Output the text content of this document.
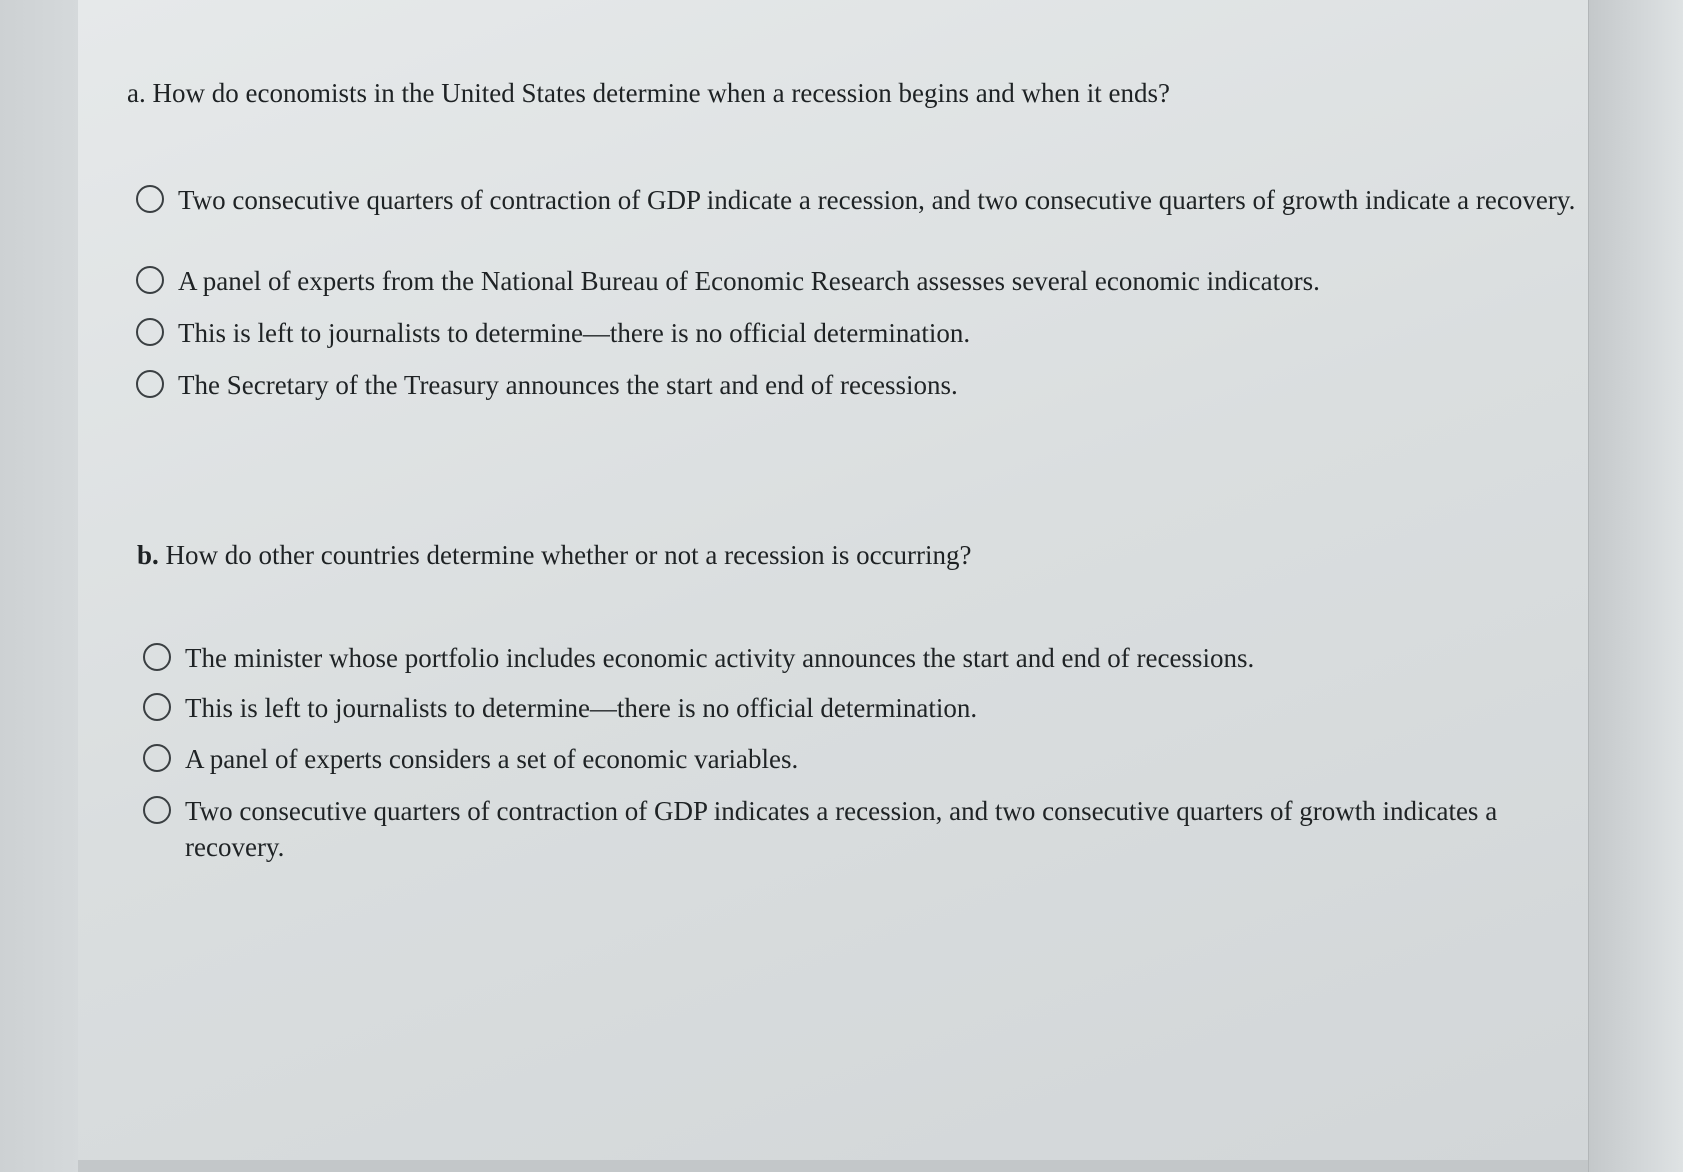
a. How do economists in the United States determine when a recession begins and when it ends?
Two consecutive quarters of contraction of GDP indicate a recession, and two consecutive quarters of growth indicate a recovery.
A panel of experts from the National Bureau of Economic Research assesses several economic indicators.
This is left to journalists to determine—there is no official determination.
The Secretary of the Treasury announces the start and end of recessions.
b. How do other countries determine whether or not a recession is occurring?
The minister whose portfolio includes economic activity announces the start and end of recessions.
This is left to journalists to determine—there is no official determination.
A panel of experts considers a set of economic variables.
Two consecutive quarters of contraction of GDP indicates a recession, and two consecutive quarters of growth indicates a recovery.
